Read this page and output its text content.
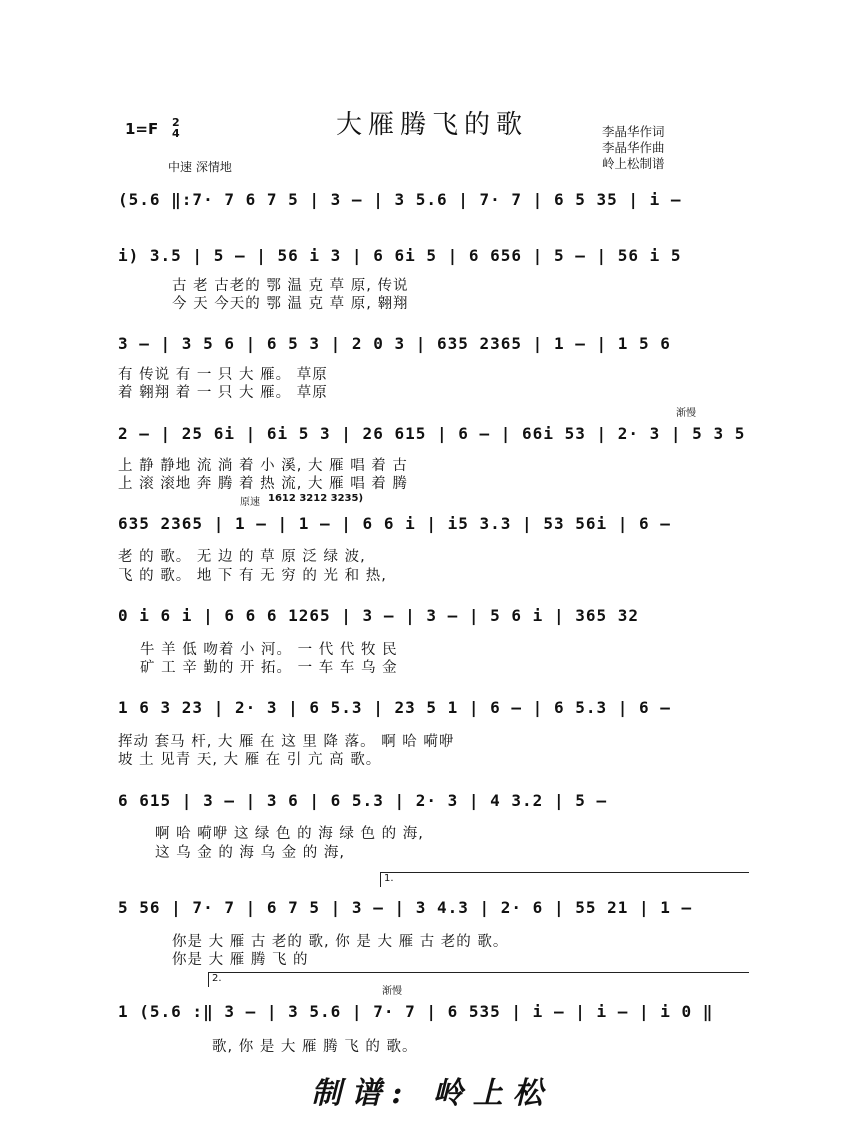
大雁腾飞的歌
1=F 2
4	李晶华作词
李晶华作曲
岭上松制谱
中速 深情地
(5.6 ‖:7· 7 6 7 5 | 3 – | 3 5.6 | 7· 7 | 6 5 35 | i –
i) 3.5 | 5 – | 56 i 3 | 6 6i 5 | 6 656 | 5 – | 56 i 5
古 老 古老的 鄂 温 克 草 原, 传说
今 天 今天的 鄂 温 克 草 原, 翱翔
3 – | 3 5 6 | 6 5 3 | 2 0 3 | 635 2365 | 1 – | 1 5 6
有 传说 有 一 只 大 雁。 草原
着 翱翔 着 一 只 大 雁。 草原
渐慢
2 – | 25 6i | 6i 5 3 | 26 615 | 6 – | 66i 53 | 2· 3 | 5 3 5
上 静 静地 流 淌 着 小 溪, 大 雁 唱 着 古
上 滚 滚地 奔 腾 着 热 流, 大 雁 唱 着 腾
原速 1612 3212 3235)
635 2365 | 1 – | 1 – | 6 6 i | i5 3.3 | 53 56i | 6 –
老 的 歌。 无 边 的 草 原 泛 绿 波,
飞 的 歌。 地 下 有 无 穷 的 光 和 热,
0 i 6 i | 6 6 6 1265 | 3 – | 3 – | 5 6 i | 365 32
牛 羊 低 吻着 小 河。 一 代 代 牧 民
矿 工 辛 勤的 开 拓。 一 车 车 乌 金
1 6 3 23 | 2· 3 | 6 5.3 | 23 5 1 | 6 – | 6 5.3 | 6 –
挥动 套马 杆, 大 雁 在 这 里 降 落。 啊 哈 嗬咿
坡 土 见青 天, 大 雁 在 引 亢 高 歌。
6 615 | 3 – | 3 6 | 6 5.3 | 2· 3 | 4 3.2 | 5 –
啊 哈 嗬咿 这 绿 色 的 海 绿 色 的 海,
这 乌 金 的 海 乌 金 的 海,
1.
5 56 | 7· 7 | 6 7 5 | 3 – | 3 4.3 | 2· 6 | 55 21 | 1 –
你是 大 雁 古 老的 歌, 你 是 大 雁 古 老的 歌。
你是 大 雁 腾 飞 的
2.
渐慢
1 (5.6 :‖ 3 – | 3 5.6 | 7· 7 | 6 535 | i – | i – | i 0 ‖
歌, 你 是 大 雁 腾 飞 的 歌。
制谱: 岭上松
